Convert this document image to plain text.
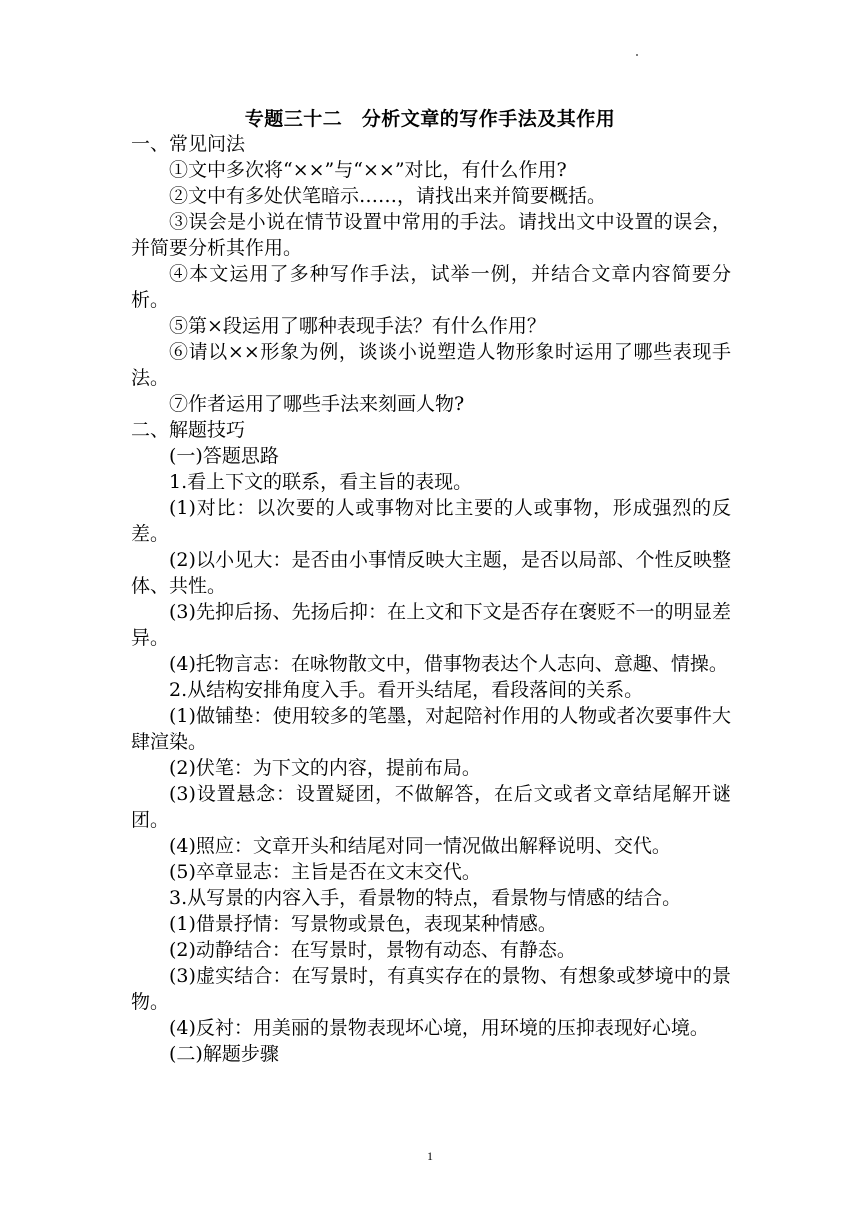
专题三十二　分析文章的写作手法及其作用

一、常见问法

①文中多次将“××”与“××”对比，有什么作用?

②文中有多处伏笔暗示……，请找出来并简要概括。

③误会是小说在情节设置中常用的手法。请找出文中设置的误会，并简要分析其作用。

④本文运用了多种写作手法，试举一例，并结合文章内容简要分析。

⑤第×段运用了哪种表现手法？有什么作用？

⑥请以××形象为例，谈谈小说塑造人物形象时运用了哪些表现手法。

⑦作者运用了哪些手法来刻画人物?

二、解题技巧

(一)答题思路

1.看上下文的联系，看主旨的表现。

(1)对比：以次要的人或事物对比主要的人或事物，形成强烈的反差。

(2)以小见大：是否由小事情反映大主题，是否以局部、个性反映整体、共性。

(3)先抑后扬、先扬后抑：在上文和下文是否存在褒贬不一的明显差异。

(4)托物言志：在咏物散文中，借事物表达个人志向、意趣、情操。

2.从结构安排角度入手。看开头结尾，看段落间的关系。

(1)做铺垫：使用较多的笔墨，对起陪衬作用的人物或者次要事件大肆渲染。

(2)伏笔：为下文的内容，提前布局。

(3)设置悬念：设置疑团，不做解答，在后文或者文章结尾解开谜团。

(4)照应：文章开头和结尾对同一情况做出解释说明、交代。

(5)卒章显志：主旨是否在文末交代。

3.从写景的内容入手，看景物的特点，看景物与情感的结合。

(1)借景抒情：写景物或景色，表现某种情感。

(2)动静结合：在写景时，景物有动态、有静态。

(3)虚实结合：在写景时，有真实存在的景物、有想象或梦境中的景物。

(4)反衬：用美丽的景物表现坏心境，用环境的压抑表现好心境。

(二)解题步骤

1
